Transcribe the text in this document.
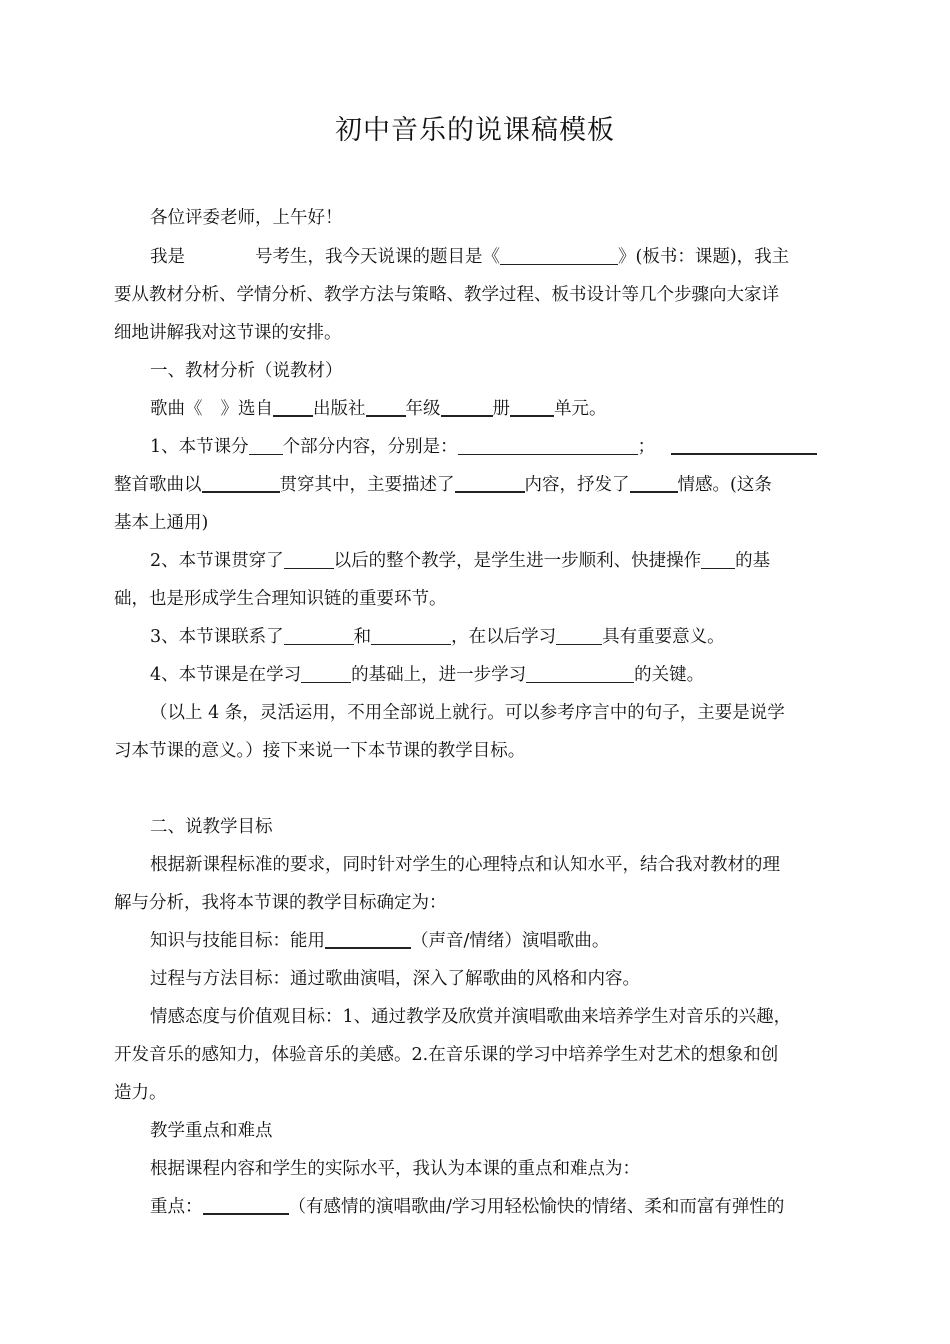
初中音乐的说课稿模板
各位评委老师，上午好！
我是	号考生，我今天说课的题目是《	》(板书：课题)，我主
要从教材分析、学情分析、教学方法与策略、教学过程、板书设计等几个步骤向大家详
细地讲解我对这节课的安排。
一、教材分析（说教材）
歌曲《 》选自 出版社 年级	册	单元。
1、本节课分 个部分内容，分别是：	；
整首歌曲以	贯穿其中，主要描述了	内容，抒发了	情感。(这条
基本上通用)
2、本节课贯穿了	以后的整个教学，是学生进一步顺利、快捷操作 的基
础，也是形成学生合理知识链的重要环节。
3、本节课联系了	和	，在以后学习	具有重要意义。
4、本节课是在学习	的基础上，进一步学习	的关键。
（以上 4 条，灵活运用，不用全部说上就行。可以参考序言中的句子，主要是说学
习本节课的意义。）接下来说一下本节课的教学目标。
二、说教学目标
根据新课程标准的要求，同时针对学生的心理特点和认知水平，结合我对教材的理
解与分析，我将本节课的教学目标确定为：
知识与技能目标：能用	（声音/情绪）演唱歌曲。
过程与方法目标：通过歌曲演唱，深入了解歌曲的风格和内容。
情感态度与价值观目标：1、通过教学及欣赏并演唱歌曲来培养学生对音乐的兴趣，
开发音乐的感知力，体验音乐的美感。2.在音乐课的学习中培养学生对艺术的想象和创
造力。
教学重点和难点
根据课程内容和学生的实际水平，我认为本课的重点和难点为：
重点：	（有感情的演唱歌曲/学习用轻松愉快的情绪、柔和而富有弹性的
